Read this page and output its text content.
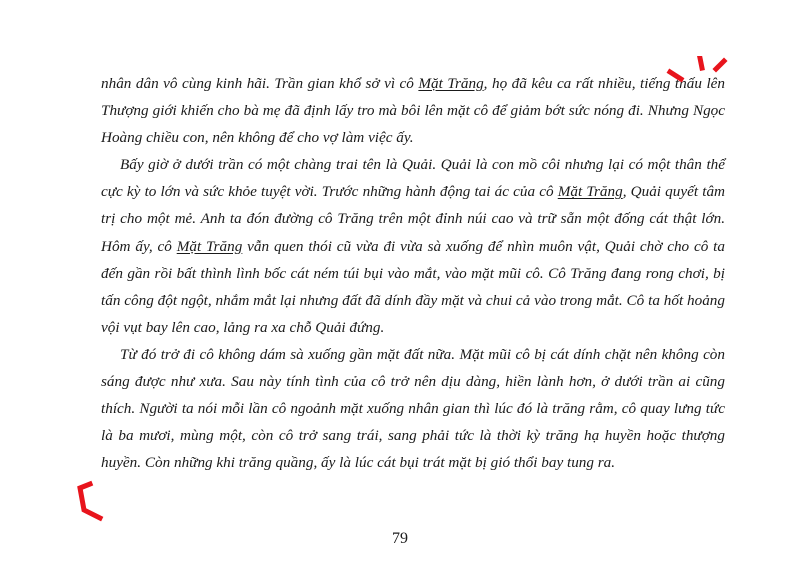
nhân dân vô cùng kinh hãi. Trần gian khổ sở vì cô Mặt Trăng, họ đã kêu ca rất nhiều, tiếng thấu lên Thượng giới khiến cho bà mẹ đã định lấy tro mà bôi lên mặt cô để giảm bớt sức nóng đi. Nhưng Ngọc Hoàng chiều con, nên không để cho vợ làm việc ấy.

Bấy giờ ở dưới trần có một chàng trai tên là Quải. Quải là con mồ côi nhưng lại có một thân thể cực kỳ to lớn và sức khỏe tuyệt vời. Trước những hành động tai ác của cô Mặt Trăng, Quải quyết tâm trị cho một mẻ. Anh ta đón đường cô Trăng trên một đỉnh núi cao và trữ sẵn một đống cát thật lớn. Hôm ấy, cô Mặt Trăng vẫn quen thói cũ vừa đi vừa sà xuống để nhìn muôn vật, Quải chờ cho cô ta đến gần rồi bất thình lình bốc cát ném túi bụi vào mắt, vào mặt mũi cô. Cô Trăng đang rong chơi, bị tấn công đột ngột, nhắm mắt lại nhưng đất đã dính đầy mặt và chui cả vào trong mắt. Cô ta hốt hoảng vội vụt bay lên cao, lảng ra xa chỗ Quải đứng.

Từ đó trở đi cô không dám sà xuống gần mặt đất nữa. Mặt mũi cô bị cát dính chặt nên không còn sáng được như xưa. Sau này tính tình của cô trở nên dịu dàng, hiền lành hơn, ở dưới trần ai cũng thích. Người ta nói mỗi lần cô ngoảnh mặt xuống nhân gian thì lúc đó là trăng rằm, cô quay lưng tức là ba mươi, mùng một, còn cô trở sang trái, sang phải tức là thời kỳ trăng hạ huyền hoặc thượng huyền. Còn những khi trăng quầng, ấy là lúc cát bụi trát mặt bị gió thổi bay tung ra.

79
